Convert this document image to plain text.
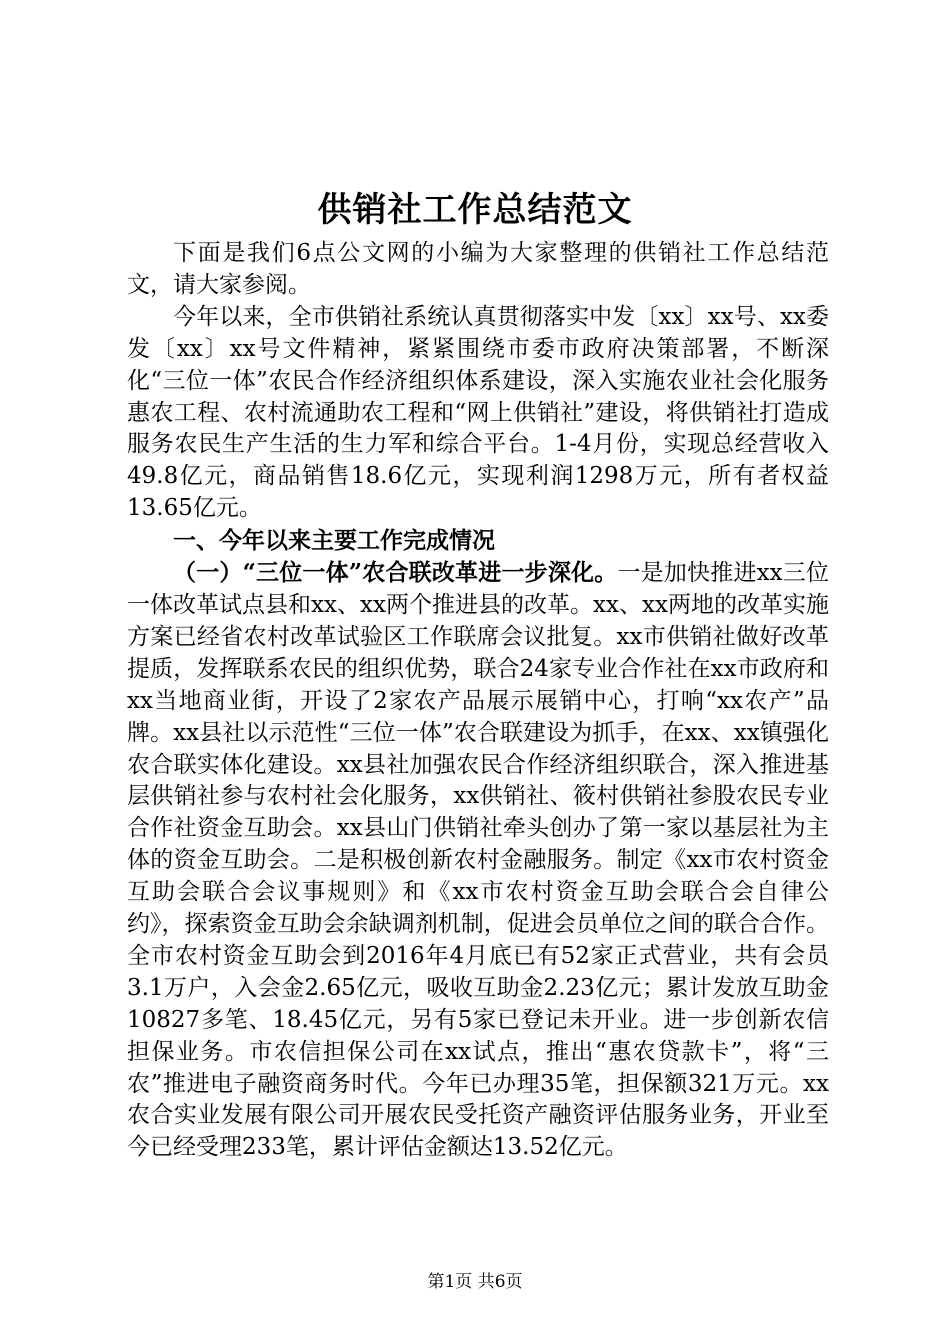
供销社工作总结范文

下面是我们6点公文网的小编为大家整理的供销社工作总结范文，请大家参阅。

今年以来，全市供销社系统认真贯彻落实中发〔xx〕xx号、xx委发〔xx〕xx号文件精神，紧紧围绕市委市政府决策部署，不断深化“三位一体”农民合作经济组织体系建设，深入实施农业社会化服务惠农工程、农村流通助农工程和“网上供销社”建设，将供销社打造成服务农民生产生活的生力军和综合平台。1-4月份，实现总经营收入49.8亿元，商品销售18.6亿元，实现利润1298万元，所有者权益13.65亿元。

一、今年以来主要工作完成情况

（一）“三位一体”农合联改革进一步深化。一是加快推进xx三位一体改革试点县和xx、xx两个推进县的改革。xx、xx两地的改革实施方案已经省农村改革试验区工作联席会议批复。xx市供销社做好改革提质，发挥联系农民的组织优势，联合24家专业合作社在xx市政府和xx当地商业街，开设了2家农产品展示展销中心，打响“xx农产”品牌。xx县社以示范性“三位一体”农合联建设为抓手，在xx、xx镇强化农合联实体化建设。xx县社加强农民合作经济组织联合，深入推进基层供销社参与农村社会化服务，xx供销社、筱村供销社参股农民专业合作社资金互助会。xx县山门供销社牵头创办了第一家以基层社为主体的资金互助会。二是积极创新农村金融服务。制定《xx市农村资金互助会联合会议事规则》和《xx市农村资金互助会联合会自律公约》，探索资金互助会余缺调剂机制，促进会员单位之间的联合合作。全市农村资金互助会到2016年4月底已有52家正式营业，共有会员3.1万户，入会金2.65亿元，吸收互助金2.23亿元；累计发放互助金10827多笔、18.45亿元，另有5家已登记未开业。进一步创新农信担保业务。市农信担保公司在xx试点，推出“惠农贷款卡”，将“三农”推进电子融资商务时代。今年已办理35笔，担保额321万元。xx农合实业发展有限公司开展农民受托资产融资评估服务业务，开业至今已经受理233笔，累计评估金额达13.52亿元。

第1页 共6页
